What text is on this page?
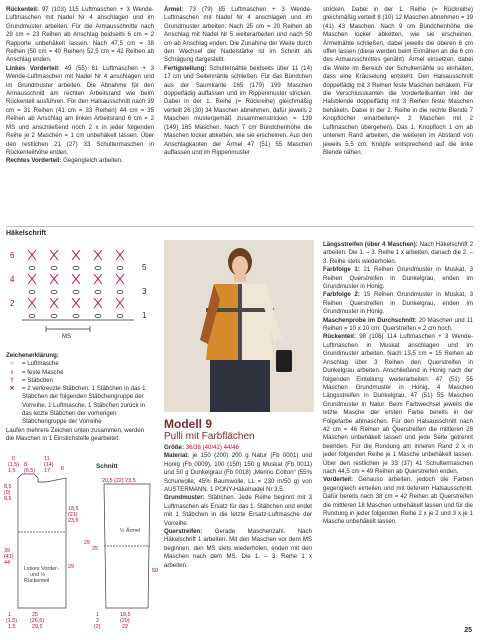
Rückenteil: 97 (103) 115 Luftmaschen + 3 Wende-Luftmaschen mit Nadel Nr 4 anschlagen und im Grundmuster arbeiten. Für die Armausschnitte nach 29 cm = 23 Reihen ab Anschlag beidseits 6 cm = 2 Rapporte unbehäkelt lassen. Nach 47,5 cm = 38 Reihen (50 cm = 40 Reihen) 52,5 cm = 42 Reihen ab Anschlag enden.

Linkes Vorderteil: 49 (55) 61 Luftmaschen + 3 Wende-Luftmaschen mit Nadel Nr 4 anschlagen und im Grundmuster arbeiten. Die Abnahme für den Armausschnitt am rechten Arbeitsrand wie beim Rückenteil ausführen. Für den Halsausschnitt nach 39 cm = 31 Reihen (41 cm = 33 Reihen) 44 cm = 35 Reihen ab Anschlag am linken Arbeitsrand 6 cm = 2 MS und anschließend noch 2 x in jeder folgenden Reihe je 2 Maschen = 1 cm unbehäkelt lassen. Über den restlichen 21 (27) 33 Schultermaschen in Rückenteilhöhe enden.

Rechtes Vorderteil: Gegengleich arbeiten.

Ärmel: 73 (79) 85 Luftmaschen + 3 Wende-Luftmaschen mit Nadel Nr 4 anschlagen und im Grundmuster arbeiten. Nach 25 cm = 20 Reihen ab Anschlag mit Nadel Nr 5 weiterarbeiten und nach 50 cm ab Anschlag enden. Die Zunahme der Weite durch den Wechsel der Nadelstärke ist im Schnitt als Schrägung dargestellt.

Fertigstellung: Schulternähte beidseits über 11 (14) 17 cm und Seitennähte schließen. Für das Bündchen aus der Saumkante 165 (179) 199 Maschen doppelfädig auffassen und im Rippenmuster stricken. Dabei in der 1. Reihe (= Rückreihe) gleichmäßig verteilt 26 (30) 34 Maschen abnehmen, dafür jeweils 2 Maschen mustergemäß zusammenstricken = 139 (149) 165 Maschen. Nach 7 cm Bündchenhöhe die Maschen locker abketten, wie sie erscheinen. Aus den Anschlagkanten der Ärmel 47 (51) 55 Maschen auffassen und im Rippenmuster

stricken. Dabei in der 1. Reihe (= Rückreihe) gleichmäßig verteilt 8 (10) 12 Maschen abnehmen = 39 (41) 43 Maschen. Nach 9 cm Bündchenhöhe die Maschen locker abketten, wie sie erscheinen. Ärmelnähte schließen, dabei jeweils die oberen 6 cm offen lassen (diese werden beim Einnähen an die 6 cm des Armausschnittes genäht). Ärmel einsetzen, dabei die Weite im Bereich der Schulternähte so einhalten, dass eine Kräuselung entsteht. Den Halsausschnitt doppelfädig mit 3 Reihen feste Maschen behäkeln. Für die Verschlusskanten die Vorderteilkanten inkl der Halsblende doppelfädig mit 3 Reihen feste Maschen behäkeln. Dabei in der 2. Reihe in die rechte Blende 7 Knopflöcher einarbeiten(= 2 Maschen mit 2 Luftmaschen übergehen). Das 1. Knopfloch 1 cm ab unterem Rand arbeiten, die weiteren im Abstand von jeweils 5,5 cm. Knöpfe entsprechend auf die linke Blende nähen.

Häkelschrift
6
4
2
5
3
1
MS
Zeichenerklärung:
○	= Luftmasche
ı	= feste Masche
†	= Stäbchen
✕	= 2 verkreuzte Stäbchen: 1 Stäbchen in das 1. Stäbchen der folgenden Stäbchengruppe der Vorreihe, 1 Luftmasche, 1 Stäbchen zurück in das letzte Stäbchen der vorherigen Stäbchengruppe der Vorreihe
Laufen mehrere Zeichen unten zusammen, werden die Maschen in 1 Einstichstelle gearbeitet.
0
(1,5)
1,5
8
(6,5)
11
(14)
17 6
8,5
(9)
9,5
39
(41)
44
18,5
(21)
23,5
29
25
25
(26,5)
29,5
1
(1,5)
1,5
Linkes Vorder-
und ½
Rückenteil
Schnitt
20,5 (22) 23,5
½ Ärmel
25
50
18,5
(20)
22
1
2
(2)
Modell 9
Pulli mit Farbflächen

Größe: 36/38 (40/42) 44/46

Material: je 150 (200) 200 g Natur (Fb 0001) und Honig (Fb 0009), 100 (150) 150 g Muskat (Fb 0011) und 50 g Dunkelgrau (Fb 0018) „Merino Cotton“ (55% Schurwolle, 45% Baumwolle, LL = 230 m/50 g) von AUSTERMANN. 1 PONY-Häkelnadel Nr 3,5.

Grundmuster: Stäbchen. Jede Reihe beginnt mit 3 Luftmaschen als Ersatz für das 1. Stäbchen und endet mit 1 Stäbchen in die letzte Ersatz-Luftmasche der Vorreihe.

Querstreifen: Gerade Maschenzahl. Nach Häkelschrift 1 arbeiten. Mit den Maschen vor dem MS beginnen, den MS stets wiederholen, enden mit den Maschen nach dem MS. Die 1. – 3. Reihe 1 x arbeiten.

Längsstreifen (über 4 Maschen): Nach Häkelschrift 2 arbeiten. Die 1. – 3. Reihe 1 x arbeiten, danach die 2. – 3. Reihe stets wiederholen.

Farbfolge 1: 21 Reihen Grundmuster in Muskat, 3 Reihen Querstreifen in Dunkelgrau, enden im Grundmuster in Honig.

Farbfolge 2: 15 Reihen Grundmuster in Muskat, 3 Reihen Querstreifen in Dunkelgrau, enden im Grundmuster in Honig.

Maschenprobe im Durchschnitt: 20 Maschen und 11 Reihen = 10 x 10 cm; Querstreifen = 2 cm hoch.

Rückenteil: 98 (106) 114 Luftmaschen + 3 Wende-Luftmaschen in Muskat anschlagen und im Grundmuster arbeiten. Nach 13,5 cm = 15 Reihen ab Anschlag über 3 Reihen den Querstreifen in Dunkelgrau arbeiten. Anschließend in Honig nach der folgenden Einteilung weiterarbeiten: 47 (51) 55 Maschen Grundmuster in Honig, 4 Maschen Längsstreifen in Dunkelgrau, 47 (51) 55 Maschen Grundmuster in Natur. Beim Farbwechsel jeweils die letzte Masche der ersten Farbe bereits in der Folgefarbe abmaschen. Für den Halsausschnitt nach 42 cm = 46 Reihen ab Querstreifen die mittleren 28 Maschen unbehäkelt lassen und jede Seite getrennt beenden. Für die Rundung am inneren Rand 2 x in jeder folgenden Reihe je 1 Masche unbehäkelt lassen. Über den restlichen je 33 (37) 41 Schultermaschen nach 44,5 cm = 49 Reihen ab Querstreifen enden.

Vorderteil: Genauso arbeiten, jedoch die Farben gegengleich einteilen und mit tieferem Halsausschnitt. Dafür bereits nach 38 cm = 42 Reihen ab Querstreifen die mittleren 18 Maschen unbehäkelt lassen und für die Rundung in jeder folgenden Reihe 2 x je 2 und 3 x je 1 Masche unbehäkelt lassen.

25
